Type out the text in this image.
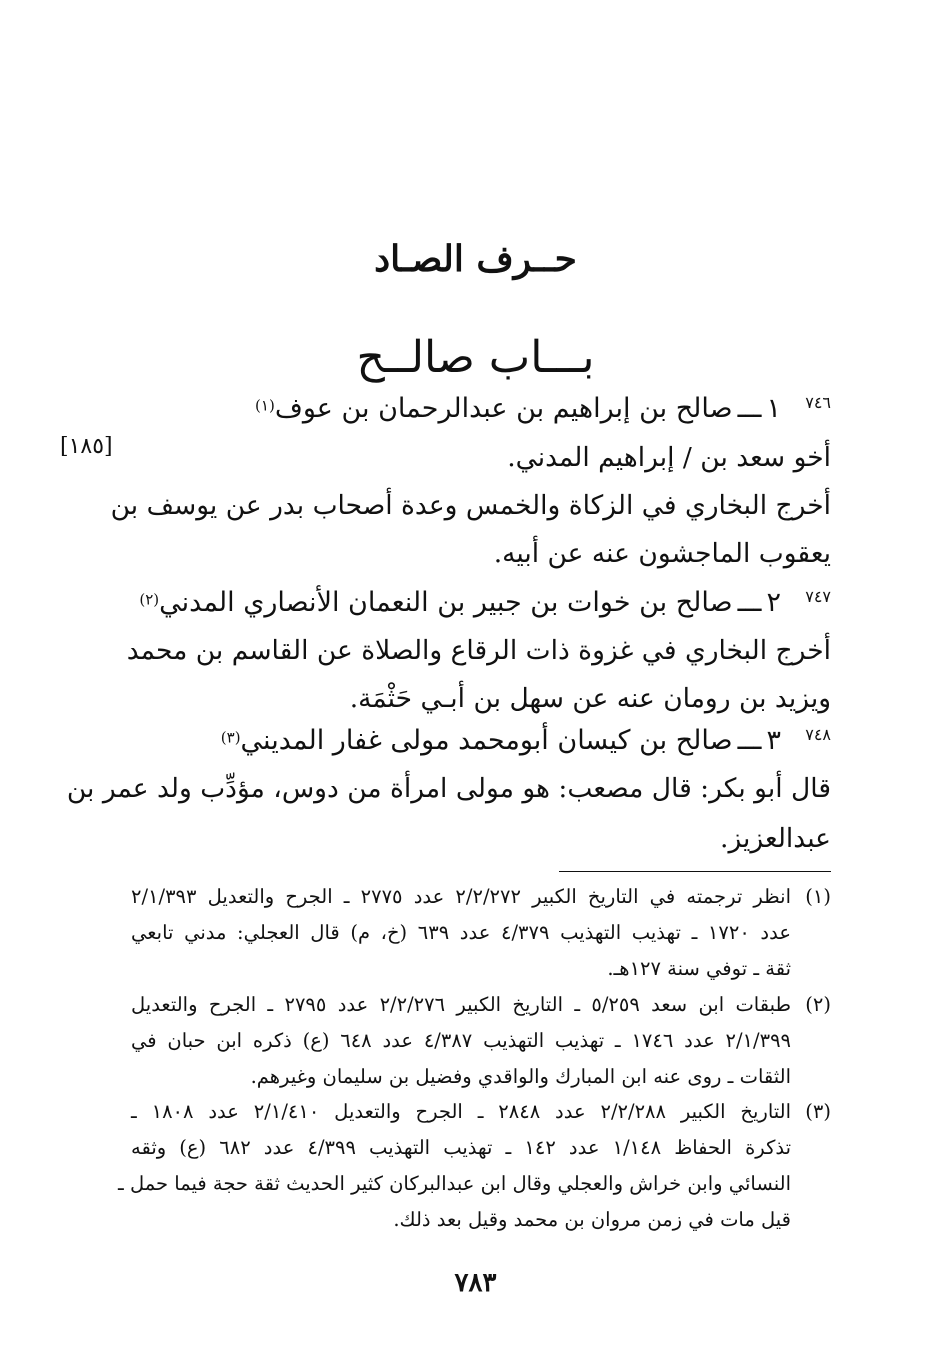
حــرف الصـاد
بـــاب صالــح
[١٨٥]
٧٤٦
١ ـــ صالح بن إبراهيم بن عبدالرحمان بن عوف(١)
أخو سعد بن / إبراهيم المدني.
أخرج البخاري في الزكاة والخمس وعدة أصحاب بدر عن يوسف بن
يعقوب الماجشون عنه عن أبيه.
٧٤٧
٢ ـــ صالح بن خوات بن جبير بن النعمان الأنصاري المدني(٢)
أخرج البخاري في غزوة ذات الرقاع والصلاة عن القاسم بن محمد
ويزيد بن رومان عنه عن سهل بن أبـي حَثْمَة.
٧٤٨
٣ ـــ صالح بن كيسان أبومحمد مولى غفار المديني(٣)
قال أبو بكر: قال مصعب: هو مولى امرأة من دوس، مؤدِّب ولد عمر بن
عبدالعزيز.
(١)
انظر ترجمته في التاريخ الكبير ٢/٢/٢٧٢ عدد ٢٧٧٥ ـ الجرح والتعديل ٢/١/٣٩٣
عدد ١٧٢٠ ـ تهذيب التهذيب ٤/٣٧٩ عدد ٦٣٩ (خ، م) قال العجلي: مدني تابعي
ثقة ـ توفي سنة ١٢٧هـ.
(٢)
طبقات ابن سعد ٥/٢٥٩ ـ التاريخ الكبير ٢/٢/٢٧٦ عدد ٢٧٩٥ ـ الجرح والتعديل
٢/١/٣٩٩ عدد ١٧٤٦ ـ تهذيب التهذيب ٤/٣٨٧ عدد ٦٤٨ (ع) ذكره ابن حبان في
الثقات ـ روى عنه ابن المبارك والواقدي وفضيل بن سليمان وغيرهم.
(٣)
التاريخ الكبير ٢/٢/٢٨٨ عدد ٢٨٤٨ ـ الجرح والتعديل ٢/١/٤١٠ عدد ١٨٠٨ ـ
تذكرة الحفاظ ١/١٤٨ عدد ١٤٢ ـ تهذيب التهذيب ٤/٣٩٩ عدد ٦٨٢ (ع) وثقه
النسائي وابن خراش والعجلي وقال ابن عبدالبركان كثير الحديث ثقة حجة فيما حمل ـ
قيل مات في زمن مروان بن محمد وقيل بعد ذلك.
٧٨٣
